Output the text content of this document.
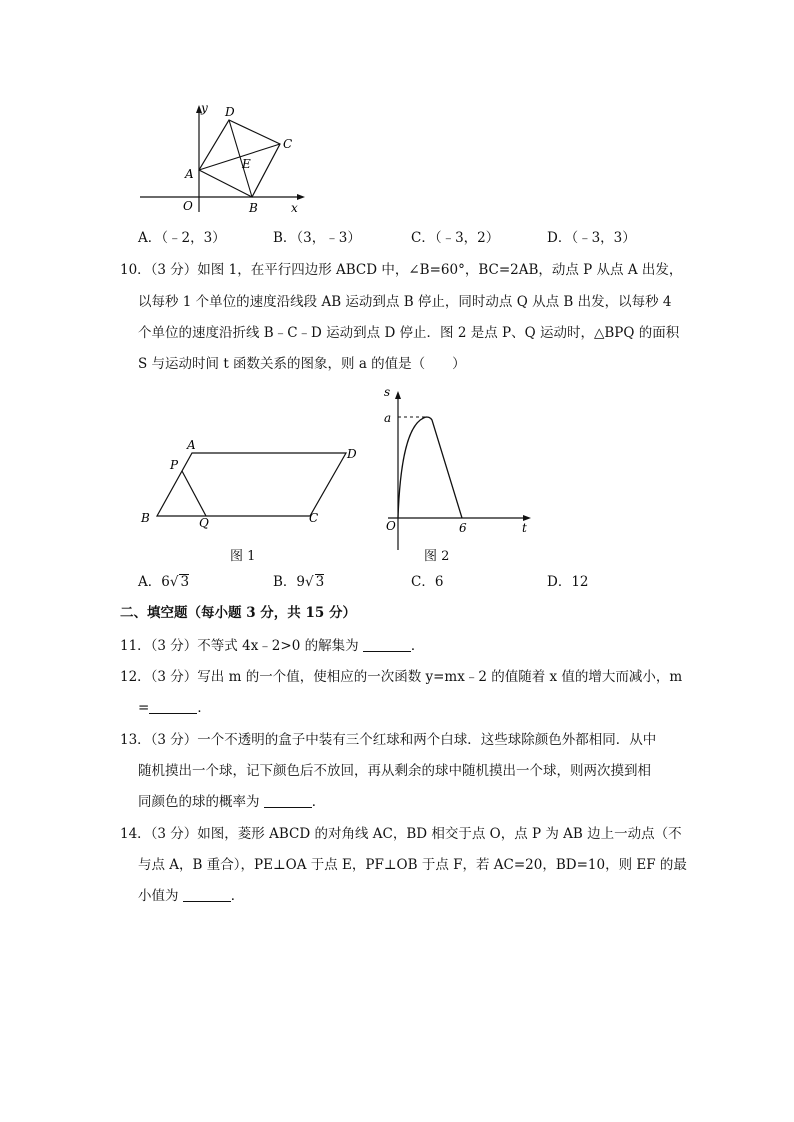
y
x
O
A
B
C
D
E
A．（﹣2，3）	B．（3，﹣3）	C．（﹣3，2）	D．（﹣3，3）
10．（3 分）如图 1，在平行四边形 ABCD 中，∠B=60°，BC=2AB，动点 P 从点 A 出发，
以每秒 1 个单位的速度沿线段 AB 运动到点 B 停止，同时动点 Q 从点 B 出发，以每秒 4
个单位的速度沿折线 B﹣C﹣D 运动到点 D 停止．图 2 是点 P、Q 运动时，△BPQ 的面积
S 与运动时间 t 函数关系的图象，则 a 的值是（　　）
A
B	C
D
P
Q
图 1
s
a
O	6	t
图 2
A．6√ 3	B．9√ 3	C．6	D．12
二、填空题（每小题 3 分，共 15 分）
11．（3 分）不等式 4x﹣2>0 的解集为	．
12．（3 分）写出 m 的一个值，使相应的一次函数 y=mx﹣2 的值随着 x 值的增大而减小，m
=	．
13．（3 分）一个不透明的盒子中装有三个红球和两个白球．这些球除颜色外都相同．从中
随机摸出一个球，记下颜色后不放回，再从剩余的球中随机摸出一个球，则两次摸到相
同颜色的球的概率为	．
14．（3 分）如图，菱形 ABCD 的对角线 AC，BD 相交于点 O，点 P 为 AB 边上一动点（不
与点 A，B 重合），PE⊥OA 于点 E，PF⊥OB 于点 F，若 AC=20，BD=10，则 EF 的最
小值为	．
